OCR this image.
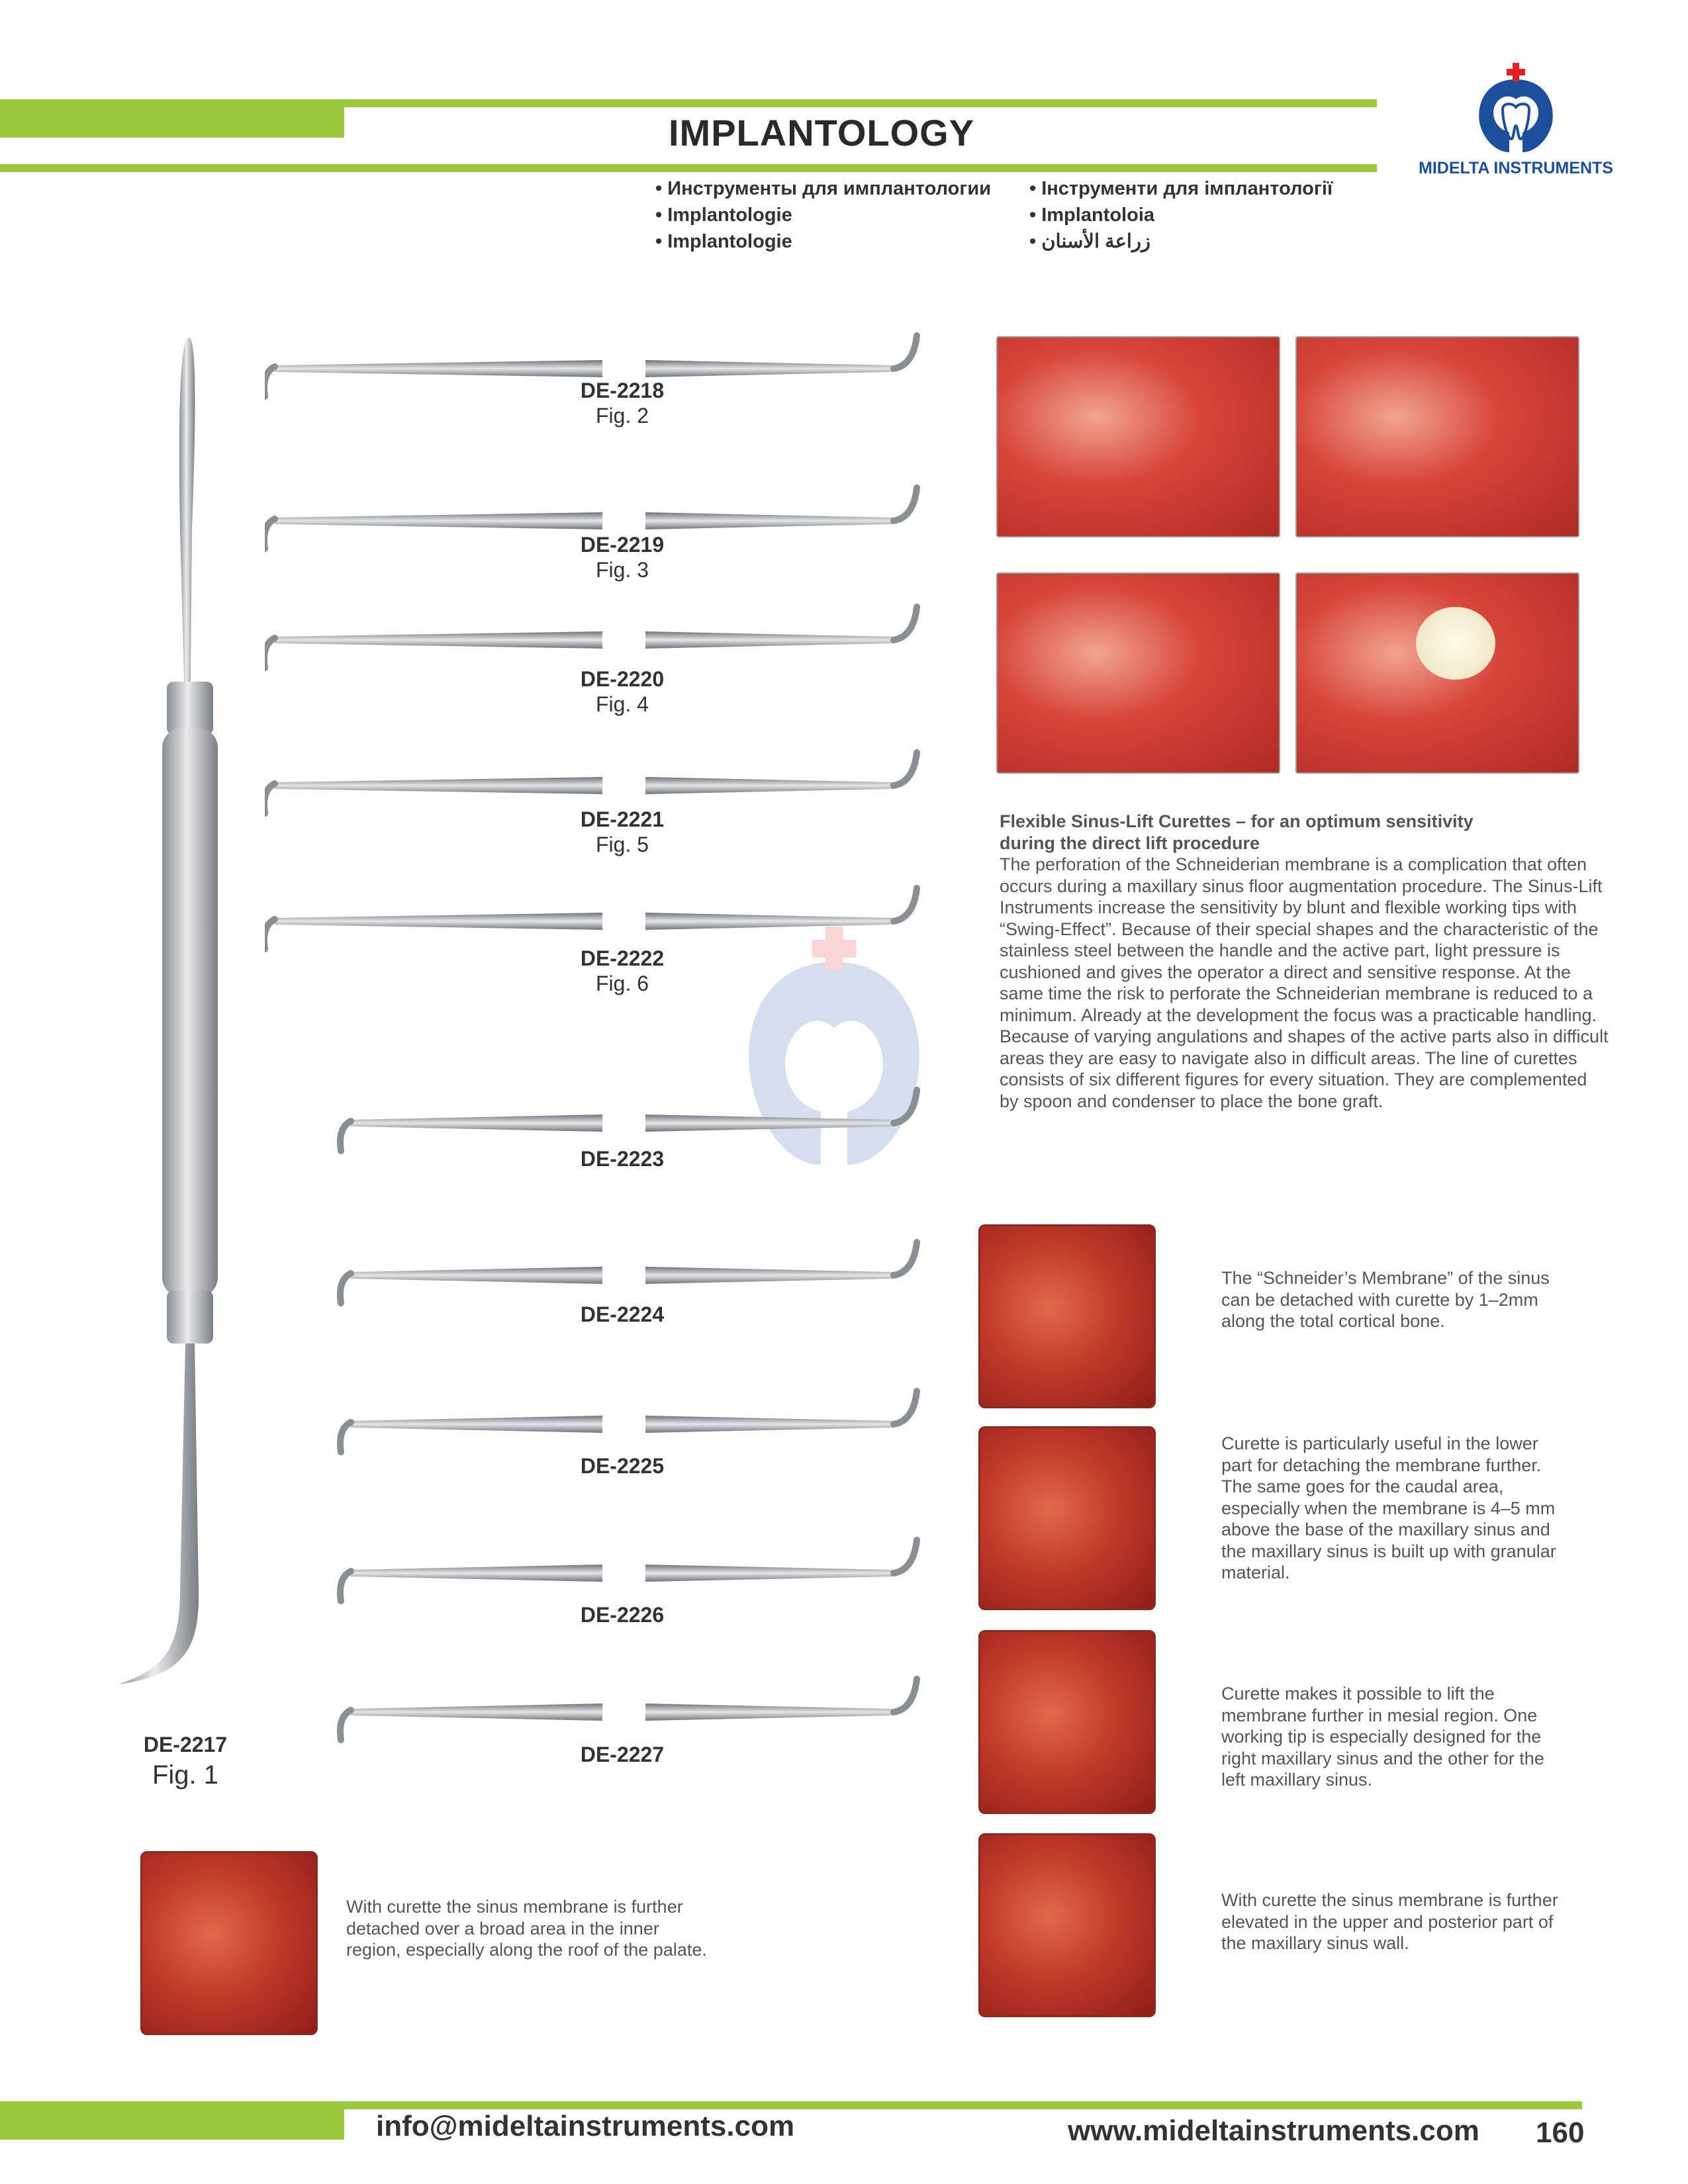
IMPLANTOLOGY
MIDELTA INSTRUMENTS
• Инструменты для имплантологии
• Implantologie
• Implantologie
• Інструменти для імплантології
• Implantoloia
• زراعة الأسنان
DE-2217
Fig. 1
DE-2218
Fig. 2
DE-2219
Fig. 3
DE-2220
Fig. 4
DE-2221
Fig. 5
DE-2222
Fig. 6
DE-2223
DE-2224
DE-2225
DE-2226
DE-2227
Flexible Sinus-Lift Curettes – for an optimum sensitivity during the direct lift procedure
The perforation of the Schneiderian membrane is a complication that often occurs during a maxillary sinus floor augmentation procedure. The Sinus-Lift Instruments increase the sensitivity by blunt and flexible working tips with “Swing-Effect”. Because of their special shapes and the characteristic of the stainless steel between the handle and the active part, light pressure is cushioned and gives the operator a direct and sensitive response. At the same time the risk to perforate the Schneiderian membrane is reduced to a minimum. Already at the development the focus was a practicable handling. Because of varying angulations and shapes of the active parts also in difficult areas they are easy to navigate also in difficult areas. The line of curettes consists of six different figures for every situation. They are complemented by spoon and condenser to place the bone graft.
The “Schneider’s Membrane” of the sinus can be detached with curette by 1–2mm along the total cortical bone.
Curette is particularly useful in the lower part for detaching the membrane further. The same goes for the caudal area, especially when the membrane is 4–5 mm above the base of the maxillary sinus and the maxillary sinus is built up with granular material.
Curette makes it possible to lift the membrane further in mesial region. One working tip is especially designed for the right maxillary sinus and the other for the left maxillary sinus.
With curette the sinus membrane is further elevated in the upper and posterior part of the maxillary sinus wall.
With curette the sinus membrane is further detached over a broad area in the inner region, especially along the roof of the palate.
info@mideltainstruments.com	www.mideltainstruments.com 160
